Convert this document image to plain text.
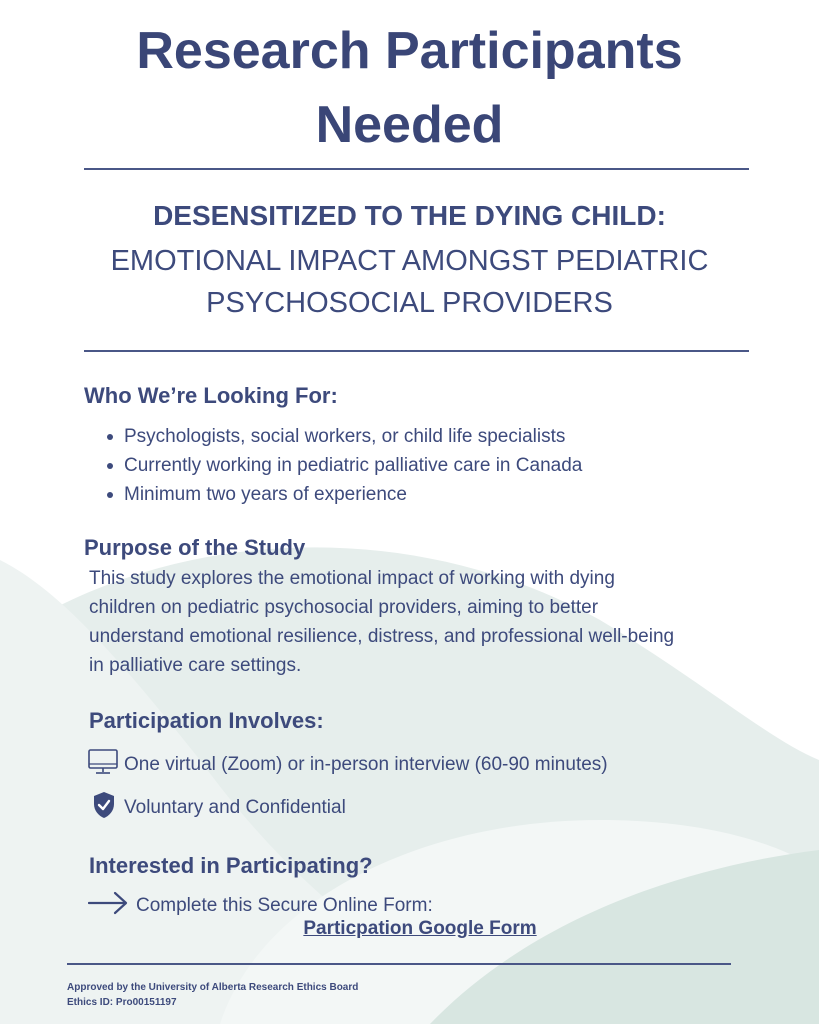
Research Participants
Needed
DESENSITIZED TO THE DYING CHILD:
EMOTIONAL IMPACT AMONGST PEDIATRIC
PSYCHOSOCIAL PROVIDERS
Who We’re Looking For:
Psychologists, social workers, or child life specialists
Currently working in pediatric palliative care in Canada
Minimum two years of experience
Purpose of the Study
This study explores the emotional impact of working with dying
children on pediatric psychosocial providers, aiming to better
understand emotional resilience, distress, and professional well-being
in palliative care settings.
Participation Involves:
One virtual (Zoom) or in-person interview (60-90 minutes)
Voluntary and Confidential
Interested in Participating?
Complete this Secure Online Form:
Particpation Google Form
Approved by the University of Alberta Research Ethics Board
Ethics ID: Pro00151197
